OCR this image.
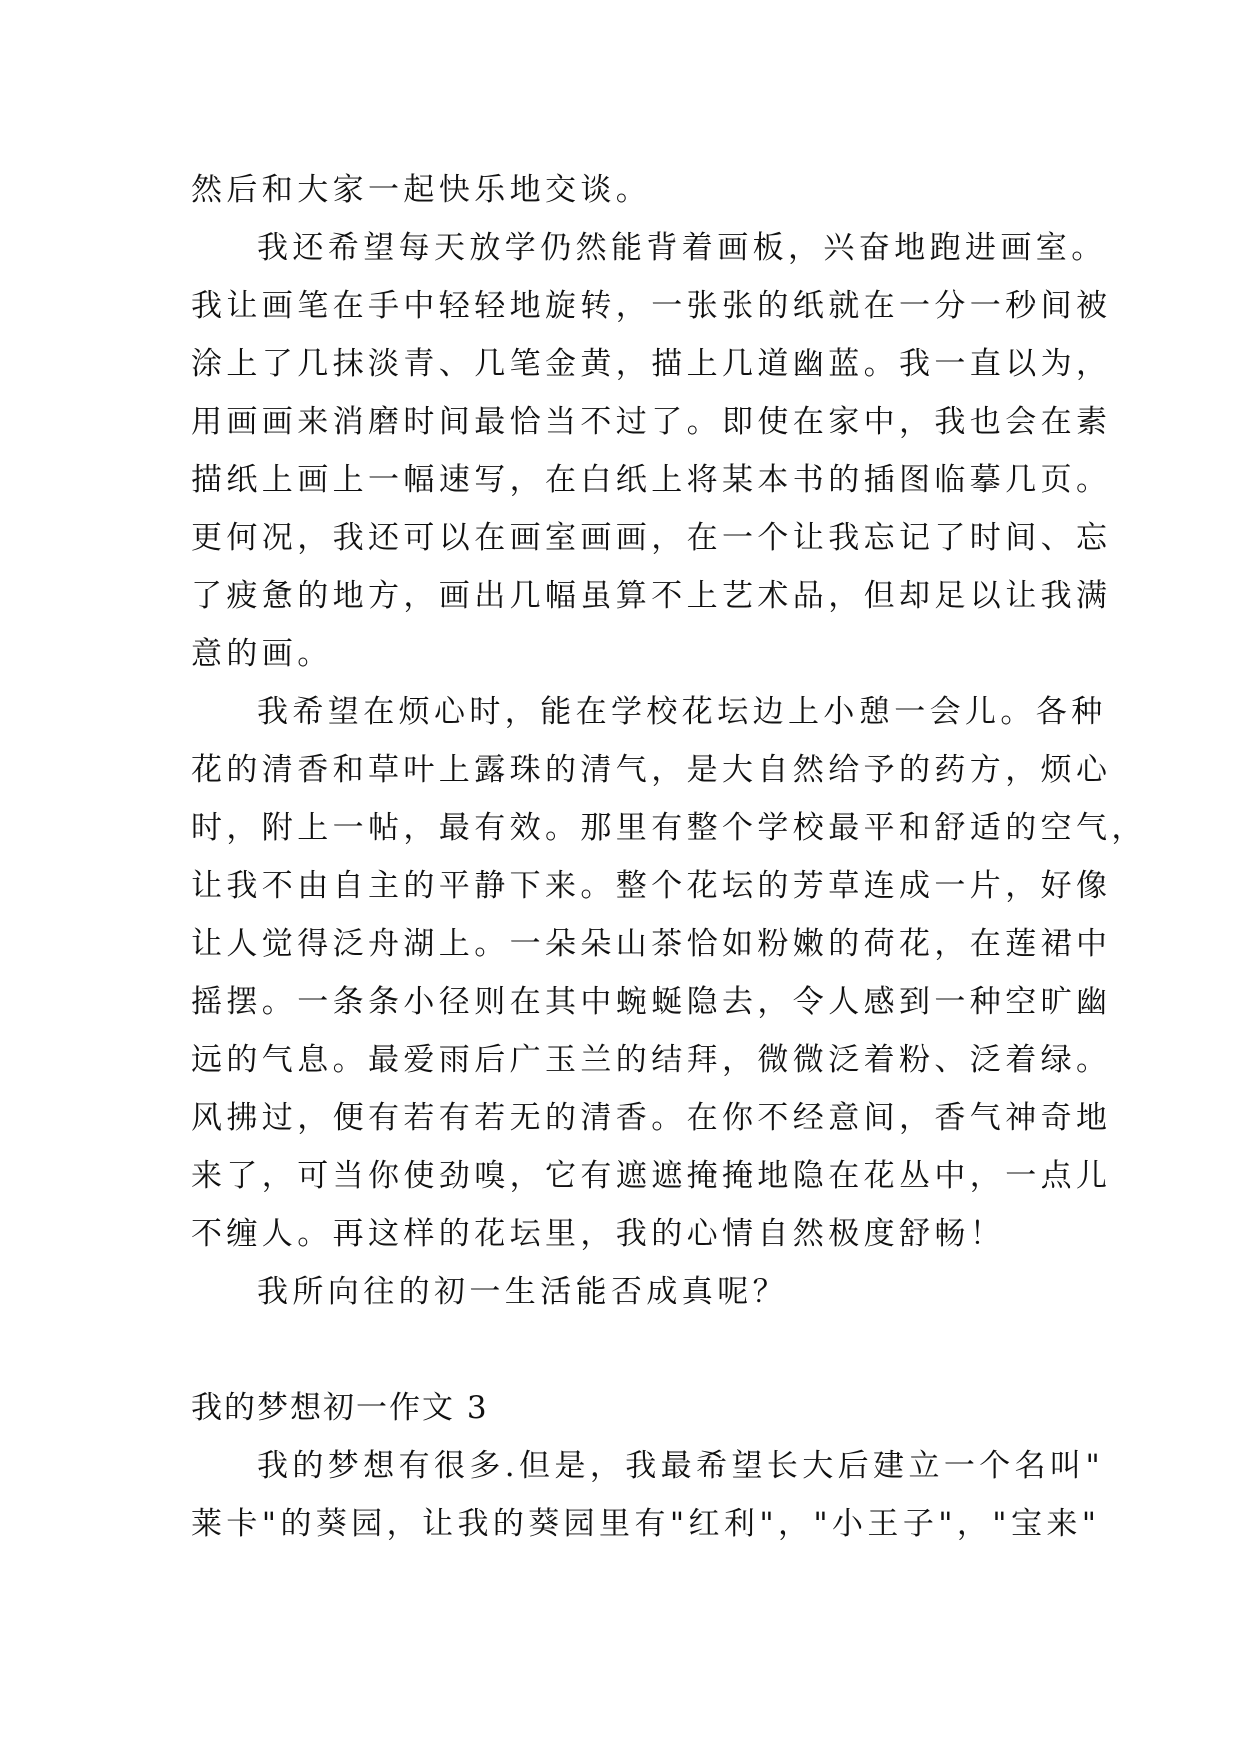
然后和大家一起快乐地交谈。
我还希望每天放学仍然能背着画板，兴奋地跑进画室。
我让画笔在手中轻轻地旋转，一张张的纸就在一分一秒间被
涂上了几抹淡青、几笔金黄，描上几道幽蓝。我一直以为，
用画画来消磨时间最恰当不过了。即使在家中，我也会在素
描纸上画上一幅速写，在白纸上将某本书的插图临摹几页。
更何况，我还可以在画室画画，在一个让我忘记了时间、忘
了疲惫的地方，画出几幅虽算不上艺术品，但却足以让我满
意的画。
我希望在烦心时，能在学校花坛边上小憩一会儿。各种
花的清香和草叶上露珠的清气，是大自然给予的药方，烦心
时，附上一帖，最有效。那里有整个学校最平和舒适的空气，
让我不由自主的平静下来。整个花坛的芳草连成一片，好像
让人觉得泛舟湖上。一朵朵山茶恰如粉嫩的荷花，在莲裙中
摇摆。一条条小径则在其中蜿蜒隐去，令人感到一种空旷幽
远的气息。最爱雨后广玉兰的结拜，微微泛着粉、泛着绿。
风拂过，便有若有若无的清香。在你不经意间，香气神奇地
来了，可当你使劲嗅，它有遮遮掩掩地隐在花丛中，一点儿
不缠人。再这样的花坛里，我的心情自然极度舒畅！
我所向往的初一生活能否成真呢？
我的梦想初一作文 3
我的梦想有很多.但是，我最希望长大后建立一个名叫"
莱卡"的葵园，让我的葵园里有"红利"，"小王子"，"宝来"
